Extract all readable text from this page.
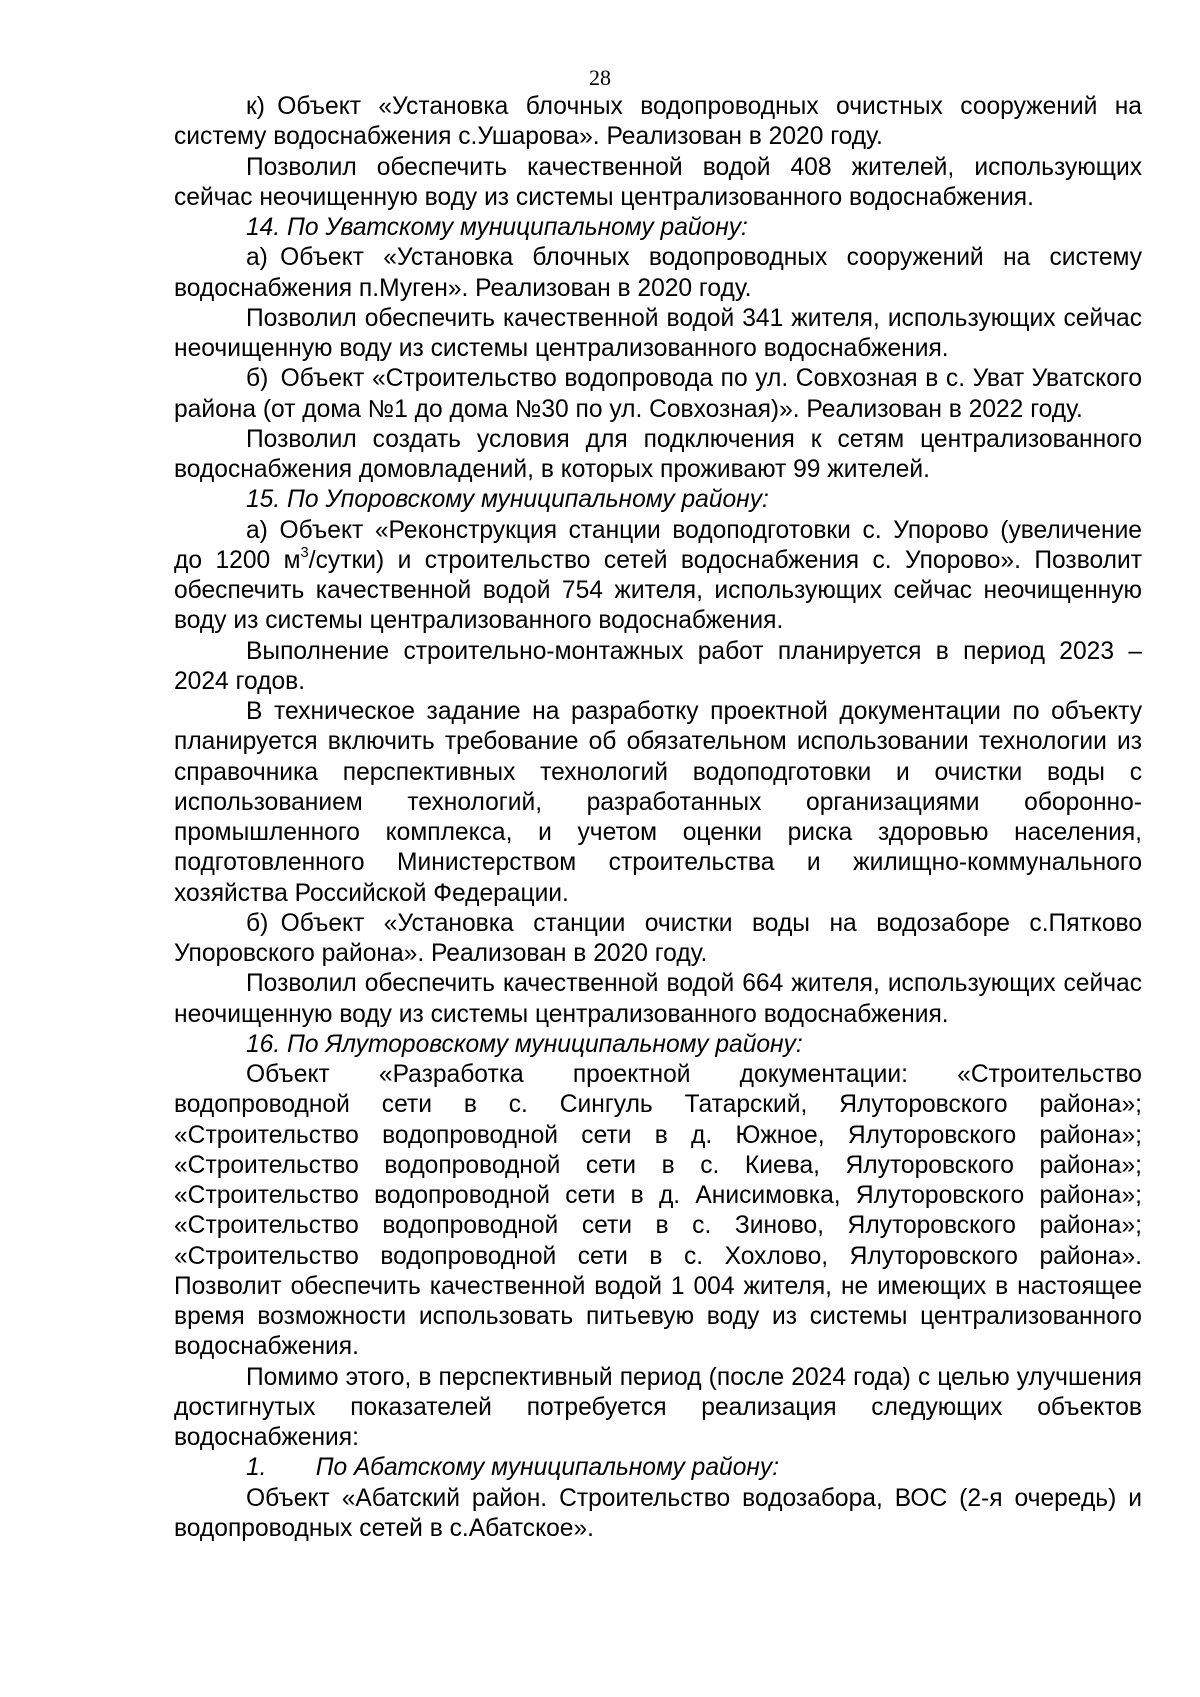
28

к) Объект «Установка блочных водопроводных очистных сооружений на систему водоснабжения с.Ушарова». Реализован в 2020 году.

Позволил обеспечить качественной водой 408 жителей, использующих сейчас неочищенную воду из системы централизованного водоснабжения.

14. По Уватскому муниципальному району:

а) Объект «Установка блочных водопроводных сооружений на систему водоснабжения п.Муген». Реализован в 2020 году.

Позволил обеспечить качественной водой 341 жителя, использующих сейчас неочищенную воду из системы централизованного водоснабжения.

б) Объект «Строительство водопровода по ул. Совхозная в с. Уват Уватского района (от дома №1 до дома №30 по ул. Совхозная)». Реализован в 2022 году.

Позволил создать условия для подключения к сетям централизованного водоснабжения домовладений, в которых проживают 99 жителей.

15. По Упоровскому муниципальному району:

а) Объект «Реконструкция станции водоподготовки с. Упорово (увеличение до 1200 $м^3/сутки$) и строительство сетей водоснабжения с. Упорово». Позволит обеспечить качественной водой 754 жителя, использующих сейчас неочищенную воду из системы централизованного водоснабжения.

Выполнение строительно-монтажных работ планируется в период 2023 – 2024 годов.

В техническое задание на разработку проектной документации по объекту планируется включить требование об обязательном использовании технологии из справочника перспективных технологий водоподготовки и очистки воды с использованием технологий, разработанных организациями оборонно-промышленного комплекса, и учетом оценки риска здоровью населения, подготовленного Министерством строительства и жилищно-коммунального хозяйства Российской Федерации.

б) Объект «Установка станции очистки воды на водозаборе с.Пятково Упоровского района». Реализован в 2020 году.

Позволил обеспечить качественной водой 664 жителя, использующих сейчас неочищенную воду из системы централизованного водоснабжения.

16. По Ялуторовскому муниципальному району:

Объект «Разработка проектной документации: «Строительство водопроводной сети в с. Сингуль Татарский, Ялуторовского района»; «Строительство водопроводной сети в д. Южное, Ялуторовского района»; «Строительство водопроводной сети в с. Киева, Ялуторовского района»; «Строительство водопроводной сети в д. Анисимовка, Ялуторовского района»; «Строительство водопроводной сети в с. Зиново, Ялуторовского района»; «Строительство водопроводной сети в с. Хохлово, Ялуторовского района». Позволит обеспечить качественной водой 1 004 жителя, не имеющих в настоящее время возможности использовать питьевую воду из системы централизованного водоснабжения.

Помимо этого, в перспективный период (после 2024 года) с целью улучшения достигнутых показателей потребуется реализация следующих объектов водоснабжения:

1.  По Абатскому муниципальному району:

Объект «Абатский район. Строительство водозабора, ВОС (2-я очередь) и водопроводных сетей в с.Абатское».
